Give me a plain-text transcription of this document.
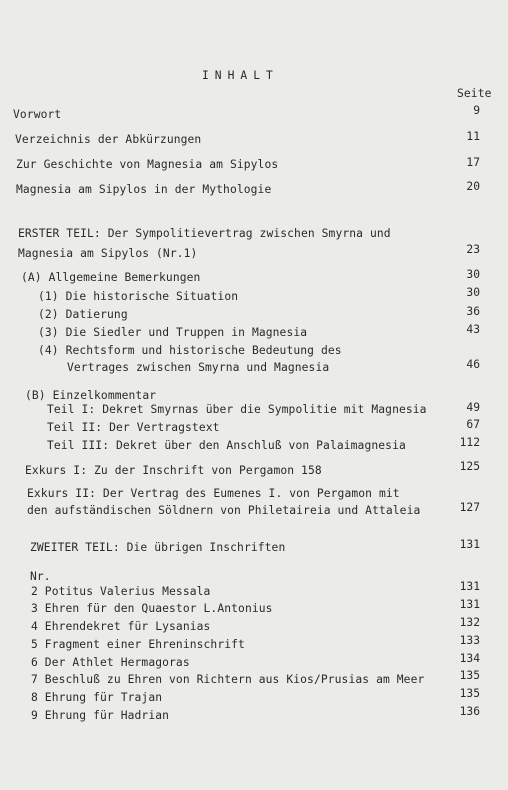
INHALT
Seite
Vorwort	9
Verzeichnis der Abkürzungen	11
Zur Geschichte von Magnesia am Sipylos	17
Magnesia am Sipylos in der Mythologie	20
ERSTER TEIL: Der Sympolitievertrag zwischen Smyrna und
Magnesia am Sipylos (Nr.1)	23
(A) Allgemeine Bemerkungen	30
(1) Die historische Situation	30
(2) Datierung	36
(3) Die Siedler und Truppen in Magnesia	43
(4) Rechtsform und historische Bedeutung des
Vertrages zwischen Smyrna und Magnesia	46
(B) Einzelkommentar
Teil I: Dekret Smyrnas über die Sympolitie mit Magnesia	49
Teil II: Der Vertragstext	67
Teil III: Dekret über den Anschluß von Palaimagnesia	112
Exkurs I: Zu der Inschrift von Pergamon 158	125
Exkurs II: Der Vertrag des Eumenes I. von Pergamon mit
den aufständischen Söldnern von Philetaireia und Attaleia	127
ZWEITER TEIL: Die übrigen Inschriften	131
Nr.
2 Potitus Valerius Messala	131
3 Ehren für den Quaestor L.Antonius	131
4 Ehrendekret für Lysanias	132
5 Fragment einer Ehreninschrift	133
6 Der Athlet Hermagoras	134
7 Beschluß zu Ehren von Richtern aus Kios/Prusias am Meer	135
8 Ehrung für Trajan	135
9 Ehrung für Hadrian	136
